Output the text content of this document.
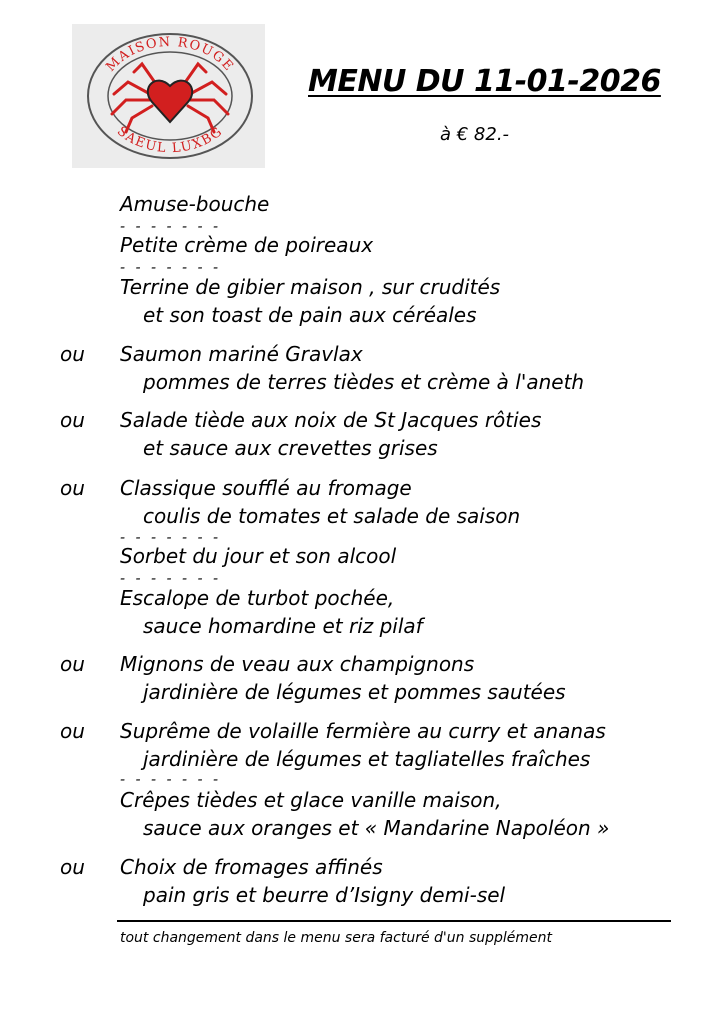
MAISON ROUGE
SAEUL LUXBG
MENU DU 11-01-2026
à € 82.-
Amuse-bouche
- - - - - - -
Petite crème de poireaux
- - - - - - -
Terrine de gibier maison , sur crudités
et son toast de pain aux céréales
ou Saumon mariné Gravlax
pommes de terres tièdes et crème à l'aneth
ou Salade tiède aux noix de St Jacques rôties
et sauce aux crevettes grises
ou Classique soufflé au fromage
coulis de tomates et salade de saison
- - - - - - -
Sorbet du jour et son alcool
- - - - - - -
Escalope de turbot pochée,
sauce homardine et riz pilaf
ou Mignons de veau aux champignons
jardinière de légumes et pommes sautées
ou Suprême de volaille fermière au curry et ananas
jardinière de légumes et tagliatelles fraîches
- - - - - - -
Crêpes tièdes et glace vanille maison,
sauce aux oranges et « Mandarine Napoléon »
ou Choix de fromages affinés
pain gris et beurre d’Isigny demi-sel
tout changement dans le menu sera facturé d'un supplément
